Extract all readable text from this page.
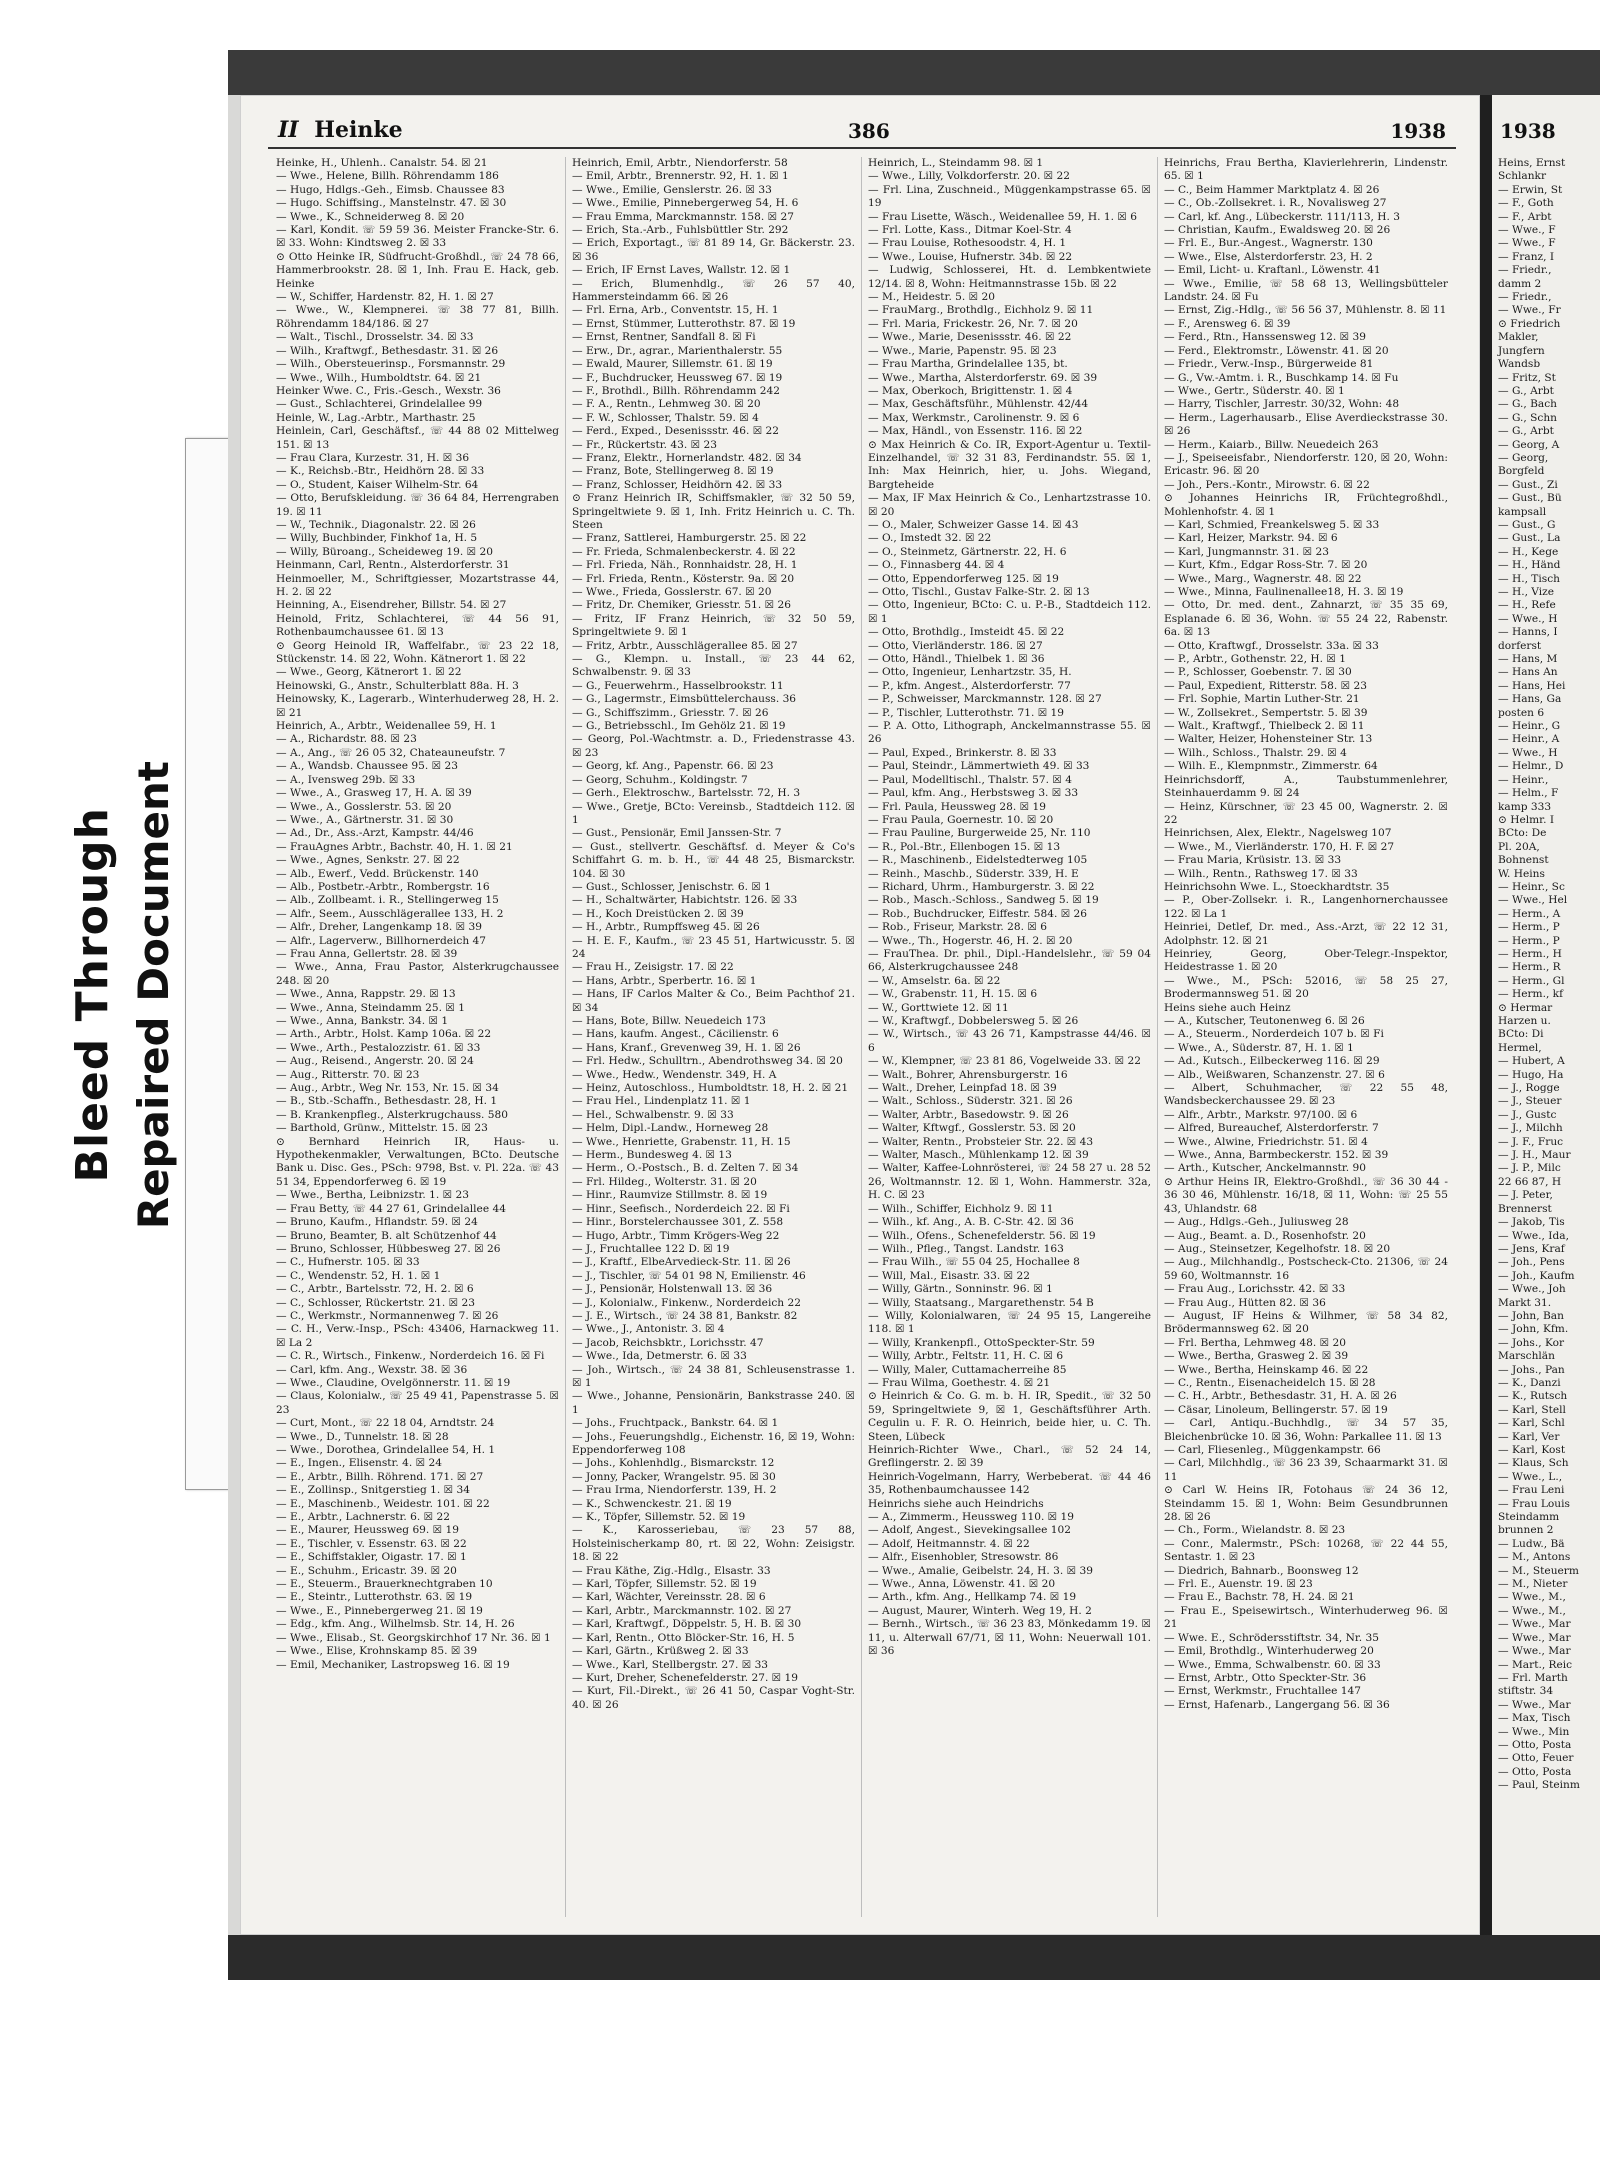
Bleed Through Repaired Document
II Heinke	386	1938

Heinke, H., Uhlenh.. Canalstr. 54. ☒ 21

— Wwe., Helene, Billh. Röhrendamm 186

— Hugo, Hdlgs.-Geh., Eimsb. Chaussee 83

— Hugo. Schiffsing., Manstelnstr. 47. ☒ 30

— Wwe., K., Schneiderweg 8. ☒ 20

— Karl, Kondit. ☏ 59 59 36. Meister Francke-Str. 6. ☒ 33. Wohn: Kindtsweg 2. ☒ 33

⊙ Otto Heinke IR, Südfrucht-Großhdl., ☏ 24 78 66, Hammerbrookstr. 28. ☒ 1, Inh. Frau E. Hack, geb. Heinke

— W., Schiffer, Hardenstr. 82, H. 1. ☒ 27

— Wwe., W., Klempnerei. ☏ 38 77 81, Billh. Röhrendamm 184/186. ☒ 27

— Walt., Tischl., Drosselstr. 34. ☒ 33

— Wilh., Kraftwgf., Bethesdastr. 31. ☒ 26

— Wilh., Obersteuerinsp., Forsmannstr. 29

— Wwe., Wilh., Humboldtstr. 64. ☒ 21

Heinker Wwe. C., Fris.-Gesch., Wexstr. 36

— Gust., Schlachterei, Grindelallee 99

Heinle, W., Lag.-Arbtr., Marthastr. 25

Heinlein, Carl, Geschäftsf., ☏ 44 88 02 Mittelweg 151. ☒ 13

— Frau Clara, Kurzestr. 31, H. ☒ 36

— K., Reichsb.-Btr., Heidhörn 28. ☒ 33

— O., Student, Kaiser Wilhelm-Str. 64

— Otto, Berufskleidung. ☏ 36 64 84, Herrengraben 19. ☒ 11

— W., Technik., Diagonalstr. 22. ☒ 26

— Willy, Buchbinder, Finkhof 1a, H. 5

— Willy, Büroang., Scheideweg 19. ☒ 20

Heinmann, Carl, Rentn., Alsterdorferstr. 31

Heinmoeller, M., Schriftgiesser, Mozartstrasse 44, H. 2. ☒ 22

Heinning, A., Eisendreher, Billstr. 54. ☒ 27

Heinold, Fritz, Schlachterei, ☏ 44 56 91, Rothenbaumchaussee 61. ☒ 13

⊙ Georg Heinold IR, Waffelfabr., ☏ 23 22 18, Stückenstr. 14. ☒ 22, Wohn. Kätnerort 1. ☒ 22

— Wwe., Georg, Kätnerort 1. ☒ 22

Heinowski, G., Anstr., Schulterblatt 88a. H. 3

Heinowsky, K., Lagerarb., Winterhuderweg 28, H. 2. ☒ 21

Heinrich, A., Arbtr., Weidenallee 59, H. 1

— A., Richardstr. 88. ☒ 23

— A., Ang., ☏ 26 05 32, Chateauneufstr. 7

— A., Wandsb. Chaussee 95. ☒ 23

— A., Ivensweg 29b. ☒ 33

— Wwe., A., Grasweg 17, H. A. ☒ 39

— Wwe., A., Gosslerstr. 53. ☒ 20

— Wwe., A., Gärtnerstr. 31. ☒ 30

— Ad., Dr., Ass.-Arzt, Kampstr. 44/46

— FrauAgnes Arbtr., Bachstr. 40, H. 1. ☒ 21

— Wwe., Agnes, Senkstr. 27. ☒ 22

— Alb., Ewerf., Vedd. Brückenstr. 140

— Alb., Postbetr.-Arbtr., Rombergstr. 16

— Alb., Zollbeamt. i. R., Stellingerweg 15

— Alfr., Seem., Ausschlägerallee 133, H. 2

— Alfr., Dreher, Langenkamp 18. ☒ 39

— Alfr., Lagerverw., Billhornerdeich 47

— Frau Anna, Gellertstr. 28. ☒ 39

— Wwe., Anna, Frau Pastor, Alsterkrugchaussee 248. ☒ 20

— Wwe., Anna, Rappstr. 29. ☒ 13

— Wwe., Anna, Steindamm 25. ☒ 1

— Wwe., Anna, Bankstr. 34. ☒ 1

— Arth., Arbtr., Holst. Kamp 106a. ☒ 22

— Wwe., Arth., Pestalozzistr. 61. ☒ 33

— Aug., Reisend., Angerstr. 20. ☒ 24

— Aug., Ritterstr. 70. ☒ 23

— Aug., Arbtr., Weg Nr. 153, Nr. 15. ☒ 34

— B., Stb.-Schaffn., Bethesdastr. 28, H. 1

— B. Krankenpfleg., Alsterkrugchauss. 580

— Barthold, Grünw., Mittelstr. 15. ☒ 23

⊙ Bernhard Heinrich IR, Haus- u. Hypothekenmakler, Verwaltungen, BCto. Deutsche Bank u. Disc. Ges., PSch: 9798, Bst. v. Pl. 22a. ☏ 43 51 34, Eppendorferweg 6. ☒ 19

— Wwe., Bertha, Leibnizstr. 1. ☒ 23

— Frau Betty, ☏ 44 27 61, Grindelallee 44

— Bruno, Kaufm., Hflandstr. 59. ☒ 24

— Bruno, Beamter, B. alt Schützenhof 44

— Bruno, Schlosser, Hübbesweg 27. ☒ 26

— C., Hufnerstr. 105. ☒ 33

— C., Wendenstr. 52, H. 1. ☒ 1

— C., Arbtr., Bartelsstr. 72, H. 2. ☒ 6

— C., Schlosser, Rückertstr. 21. ☒ 23

— C., Werkmstr., Normannenweg 7. ☒ 26

— C. H., Verw.-Insp., PSch: 43406, Harnackweg 11. ☒ La 2

— C. R., Wirtsch., Finkenw., Norderdeich 16. ☒ Fi

— Carl, kfm. Ang., Wexstr. 38. ☒ 36

— Wwe., Claudine, Ovelgönnerstr. 11. ☒ 19

— Claus, Kolonialw., ☏ 25 49 41, Papenstrasse 5. ☒ 23

— Curt, Mont., ☏ 22 18 04, Arndtstr. 24

— Wwe., D., Tunnelstr. 18. ☒ 28

— Wwe., Dorothea, Grindelallee 54, H. 1

— E., Ingen., Elisenstr. 4. ☒ 24

— E., Arbtr., Billh. Röhrend. 171. ☒ 27

— E., Zollinsp., Snitgerstieg 1. ☒ 34

— E., Maschinenb., Weidestr. 101. ☒ 22

— E., Arbtr., Lachnerstr. 6. ☒ 22

— E., Maurer, Heussweg 69. ☒ 19

— E., Tischler, v. Essenstr. 63. ☒ 22

— E., Schiffstakler, Oigastr. 17. ☒ 1

— E., Schuhm., Ericastr. 39. ☒ 20

— E., Steuerm., Brauerknechtgraben 10

— E., Steintr., Lutterothstr. 63. ☒ 19

— Wwe., E., Pinnebergerweg 21. ☒ 19

— Edg., kfm. Ang., Wilhelmsb. Str. 14, H. 26

— Wwe., Elisab., St. Georgskirchhof 17 Nr. 36. ☒ 1

— Wwe., Elise, Krohnskamp 85. ☒ 39

— Emil, Mechaniker, Lastropsweg 16. ☒ 19

Heinrich, Emil, Arbtr., Niendorferstr. 58

— Emil, Arbtr., Brennerstr. 92, H. 1. ☒ 1

— Wwe., Emilie, Genslerstr. 26. ☒ 33

— Wwe., Emilie, Pinnebergerweg 54, H. 6

— Frau Emma, Marckmannstr. 158. ☒ 27

— Erich, Sta.-Arb., Fuhlsbüttler Str. 292

— Erich, Exportagt., ☏ 81 89 14, Gr. Bäckerstr. 23. ☒ 36

— Erich, IF Ernst Laves, Wallstr. 12. ☒ 1

— Erich, Blumenhdlg., ☏ 26 57 40, Hammersteindamm 66. ☒ 26

— Frl. Erna, Arb., Conventstr. 15, H. 1

— Ernst, Stümmer, Lutterothstr. 87. ☒ 19

— Ernst, Rentner, Sandfall 8. ☒ Fi

— Erw., Dr., agrar., Marienthalerstr. 55

— Ewald, Maurer, Sillemstr. 61. ☒ 19

— F., Buchdrucker, Heussweg 67. ☒ 19

— F., Brothdl., Billh. Röhrendamm 242

— F. A., Rentn., Lehmweg 30. ☒ 20

— F. W., Schlosser, Thalstr. 59. ☒ 4

— Ferd., Exped., Desenissstr. 46. ☒ 22

— Fr., Rückertstr. 43. ☒ 23

— Franz, Elektr., Hornerlandstr. 482. ☒ 34

— Franz, Bote, Stellingerweg 8. ☒ 19

— Franz, Schlosser, Heidhörn 42. ☒ 33

⊙ Franz Heinrich IR, Schiffsmakler, ☏ 32 50 59, Springeltwiete 9. ☒ 1, Inh. Fritz Heinrich u. C. Th. Steen

— Franz, Sattlerei, Hamburgerstr. 25. ☒ 22

— Fr. Frieda, Schmalenbeckerstr. 4. ☒ 22

— Frl. Frieda, Näh., Ronnhaidstr. 28, H. 1

— Frl. Frieda, Rentn., Kösterstr. 9a. ☒ 20

— Wwe., Frieda, Gosslerstr. 67. ☒ 20

— Fritz, Dr. Chemiker, Griesstr. 51. ☒ 26

— Fritz, IF Franz Heinrich, ☏ 32 50 59, Springeltwiete 9. ☒ 1

— Fritz, Arbtr., Ausschlägerallee 85. ☒ 27

— G., Klempn. u. Install., ☏ 23 44 62, Schwalbenstr. 9. ☒ 33

— G., Feuerwehrm., Hasselbrookstr. 11

— G., Lagermstr., Eimsbüttelerchauss. 36

— G., Schiffszimm., Griesstr. 7. ☒ 26

— G., Betriebsschl., Im Gehölz 21. ☒ 19

— Georg, Pol.-Wachtmstr. a. D., Friedenstrasse 43. ☒ 23

— Georg, kf. Ang., Papenstr. 66. ☒ 23

— Georg, Schuhm., Koldingstr. 7

— Gerh., Elektroschw., Bartelsstr. 72, H. 3

— Wwe., Gretje, BCto: Vereinsb., Stadtdeich 112. ☒ 1

— Gust., Pensionär, Emil Janssen-Str. 7

— Gust., stellvertr. Geschäftsf. d. Meyer & Co's Schiffahrt G. m. b. H., ☏ 44 48 25, Bismarckstr. 104. ☒ 30

— Gust., Schlosser, Jenischstr. 6. ☒ 1

— H., Schaltwärter, Habichtstr. 126. ☒ 33

— H., Koch Dreistücken 2. ☒ 39

— H., Arbtr., Rumpffsweg 45. ☒ 26

— H. E. F., Kaufm., ☏ 23 45 51, Hartwicusstr. 5. ☒ 24

— Frau H., Zeisigstr. 17. ☒ 22

— Hans, Arbtr., Sperbertr. 16. ☒ 1

— Hans, IF Carlos Malter & Co., Beim Pachthof 21. ☒ 34

— Hans, Bote, Billw. Neuedeich 173

— Hans, kaufm. Angest., Cäcilienstr. 6

— Hans, Kranf., Grevenweg 39, H. 1. ☒ 26

— Frl. Hedw., Schulltrn., Abendrothsweg 34. ☒ 20

— Wwe., Hedw., Wendenstr. 349, H. A

— Heinz, Autoschloss., Humboldtstr. 18, H. 2. ☒ 21

— Frau Hel., Lindenplatz 11. ☒ 1

— Hel., Schwalbenstr. 9. ☒ 33

— Helm, Dipl.-Landw., Horneweg 28

— Wwe., Henriette, Grabenstr. 11, H. 15

— Herm., Bundesweg 4. ☒ 13

— Herm., O.-Postsch., B. d. Zelten 7. ☒ 34

— Frl. Hildeg., Wolterstr. 31. ☒ 20

— Hinr., Raumvize Stillmstr. 8. ☒ 19

— Hinr., Seefisch., Norderdeich 22. ☒ Fi

— Hinr., Borstelerchaussee 301, Z. 558

— Hugo, Arbtr., Timm Krögers-Weg 22

— J., Fruchtallee 122 D. ☒ 19

— J., Kraftf., ElbeArvedieck-Str. 11. ☒ 26

— J., Tischler, ☏ 54 01 98 N, Emilienstr. 46

— J., Pensionär, Holstenwall 13. ☒ 36

— J., Kolonialw., Finkenw., Norderdeich 22

— J. E., Wirtsch., ☏ 24 38 81, Bankstr. 82

— Wwe., J., Antonistr. 3. ☒ 4

— Jacob, Reichsbktr., Lorichsstr. 47

— Wwe., Ida, Detmerstr. 6. ☒ 33

— Joh., Wirtsch., ☏ 24 38 81, Schleusenstrasse 1. ☒ 1

— Wwe., Johanne, Pensionärin, Bankstrasse 240. ☒ 1

— Johs., Fruchtpack., Bankstr. 64. ☒ 1

— Johs., Feuerungshdlg., Eichenstr. 16, ☒ 19, Wohn: Eppendorferweg 108

— Johs., Kohlenhdlg., Bismarckstr. 12

— Jonny, Packer, Wrangelstr. 95. ☒ 30

— Frau Irma, Niendorferstr. 139, H. 2

— K., Schwenckestr. 21. ☒ 19

— K., Töpfer, Sillemstr. 52. ☒ 19

— K., Karosseriebau, ☏ 23 57 88, Holsteinischerkamp 80, rt. ☒ 22, Wohn: Zeisigstr. 18. ☒ 22

— Frau Käthe, Zig.-Hdlg., Elsastr. 33

— Karl, Töpfer, Sillemstr. 52. ☒ 19

— Karl, Wächter, Vereinsstr. 28. ☒ 6

— Karl, Arbtr., Marckmannstr. 102. ☒ 27

— Karl, Kraftwgf., Döppelstr. 5, H. B. ☒ 30

— Karl, Rentn., Otto Blöcker-Str. 16, H. 5

— Karl, Gärtn., Krüßweg 2. ☒ 33

— Wwe., Karl, Stellbergstr. 27. ☒ 33

— Kurt, Dreher, Schenefelderstr. 27. ☒ 19

— Kurt, Fil.-Direkt., ☏ 26 41 50, Caspar Voght-Str. 40. ☒ 26

Heinrich, L., Steindamm 98. ☒ 1

— Wwe., Lilly, Volkdorferstr. 20. ☒ 22

— Frl. Lina, Zuschneid., Müggenkampstrasse 65. ☒ 19

— Frau Lisette, Wäsch., Weidenallee 59, H. 1. ☒ 6

— Frl. Lotte, Kass., Ditmar Koel-Str. 4

— Frau Louise, Rothesoodstr. 4, H. 1

— Wwe., Louise, Hufnerstr. 34b. ☒ 22

— Ludwig, Schlosserei, Ht. d. Lembkentwiete 12/14. ☒ 8, Wohn: Heitmannstrasse 15b. ☒ 22

— M., Heidestr. 5. ☒ 20

— FrauMarg., Brothdlg., Eichholz 9. ☒ 11

— Frl. Maria, Frickestr. 26, Nr. 7. ☒ 20

— Wwe., Marie, Desenissstr. 46. ☒ 22

— Wwe., Marie, Papenstr. 95. ☒ 23

— Frau Martha, Grindelallee 135, bt.

— Wwe., Martha, Alsterdorferstr. 69. ☒ 39

— Max, Oberkoch, Brigittenstr. 1. ☒ 4

— Max, Geschäftsführ., Mühlenstr. 42/44

— Max, Werkmstr., Carolinenstr. 9. ☒ 6

— Max, Händl., von Essenstr. 116. ☒ 22

⊙ Max Heinrich & Co. IR, Export-Agentur u. Textil-Einzelhandel, ☏ 32 31 83, Ferdinandstr. 55. ☒ 1, Inh: Max Heinrich, hier, u. Johs. Wiegand, Bargteheide

— Max, IF Max Heinrich & Co., Lenhartzstrasse 10. ☒ 20

— O., Maler, Schweizer Gasse 14. ☒ 43

— O., Imstedt 32. ☒ 22

— O., Steinmetz, Gärtnerstr. 22, H. 6

— O., Finnasberg 44. ☒ 4

— Otto, Eppendorferweg 125. ☒ 19

— Otto, Tischl., Gustav Falke-Str. 2. ☒ 13

— Otto, Ingenieur, BCto: C. u. P.-B., Stadtdeich 112. ☒ 1

— Otto, Brothdlg., Imsteidt 45. ☒ 22

— Otto, Vierländerstr. 186. ☒ 27

— Otto, Händl., Thielbek 1. ☒ 36

— Otto, Ingenieur, Lenhartzstr. 35, H.

— P., kfm. Angest., Alsterdorferstr. 77

— P., Schweisser, Marckmannstr. 128. ☒ 27

— P., Tischler, Lutterothstr. 71. ☒ 19

— P. A. Otto, Lithograph, Anckelmannstrasse 55. ☒ 26

— Paul, Exped., Brinkerstr. 8. ☒ 33

— Paul, Steindr., Lämmertwieth 49. ☒ 33

— Paul, Modelltischl., Thalstr. 57. ☒ 4

— Paul, kfm. Ang., Herbstsweg 3. ☒ 33

— Frl. Paula, Heussweg 28. ☒ 19

— Frau Paula, Goernestr. 10. ☒ 20

— Frau Pauline, Burgerweide 25, Nr. 110

— R., Pol.-Btr., Ellenbogen 15. ☒ 13

— R., Maschinenb., Eidelstedterweg 105

— Reinh., Maschb., Süderstr. 339, H. E

— Richard, Uhrm., Hamburgerstr. 3. ☒ 22

— Rob., Masch.-Schloss., Sandweg 5. ☒ 19

— Rob., Buchdrucker, Eiffestr. 584. ☒ 26

— Rob., Friseur, Markstr. 28. ☒ 6

— Wwe., Th., Hogerstr. 46, H. 2. ☒ 20

— FrauThea. Dr. phil., Dipl.-Handelslehr., ☏ 59 04 66, Alsterkrugchaussee 248

— W., Amselstr. 6a. ☒ 22

— W., Grabenstr. 11, H. 15. ☒ 6

— W., Gorttwiete 12. ☒ 11

— W., Kraftwgf., Dobbelersweg 5. ☒ 26

— W., Wirtsch., ☏ 43 26 71, Kampstrasse 44/46. ☒ 6

— W., Klempner, ☏ 23 81 86, Vogelweide 33. ☒ 22

— Walt., Bohrer, Ahrensburgerstr. 16

— Walt., Dreher, Leinpfad 18. ☒ 39

— Walt., Schloss., Süderstr. 321. ☒ 26

— Walter, Arbtr., Basedowstr. 9. ☒ 26

— Walter, Kftwgf., Gosslerstr. 53. ☒ 20

— Walter, Rentn., Probsteier Str. 22. ☒ 43

— Walter, Masch., Mühlenkamp 12. ☒ 39

— Walter, Kaffee-Lohnrösterei, ☏ 24 58 27 u. 28 52 26, Woltmannstr. 12. ☒ 1, Wohn. Hammerstr. 32a, H. C. ☒ 23

— Wilh., Schiffer, Eichholz 9. ☒ 11

— Wilh., kf. Ang., A. B. C-Str. 42. ☒ 36

— Wilh., Ofens., Schenefelderstr. 56. ☒ 19

— Wilh., Pfleg., Tangst. Landstr. 163

— Frau Wilh., ☏ 55 04 25, Hochallee 8

— Will, Mal., Eisastr. 33. ☒ 22

— Willy, Gärtn., Sonninstr. 96. ☒ 1

— Willy, Staatsang., Margarethenstr. 54 B

— Willy, Kolonialwaren, ☏ 24 95 15, Langereihe 118. ☒ 1

— Willy, Krankenpfl., OttoSpeckter-Str. 59

— Willy, Arbtr., Feltstr. 11, H. C. ☒ 6

— Willy, Maler, Cuttamacherreihe 85

— Frau Wilma, Goethestr. 4. ☒ 21

⊙ Heinrich & Co. G. m. b. H. IR, Spedit., ☏ 32 50 59, Springeltwiete 9, ☒ 1, Geschäftsführer Arth. Cegulin u. F. R. O. Heinrich, beide hier, u. C. Th. Steen, Lübeck

Heinrich-Richter Wwe., Charl., ☏ 52 24 14, Greflingerstr. 2. ☒ 39

Heinrich-Vogelmann, Harry, Werbeberat. ☏ 44 46 35, Rothenbaumchaussee 142

Heinrichs siehe auch Heindrichs

— A., Zimmerm., Heussweg 110. ☒ 19

— Adolf, Angest., Sievekingsallee 102

— Adolf, Heitmannstr. 4. ☒ 22

— Alfr., Eisenhobler, Stresowstr. 86

— Wwe., Amalie, Geibelstr. 24, H. 3. ☒ 39

— Wwe., Anna, Löwenstr. 41. ☒ 20

— Arth., kfm. Ang., Hellkamp 74. ☒ 19

— August, Maurer, Winterh. Weg 19, H. 2

— Bernh., Wirtsch., ☏ 36 23 83, Mönkedamm 19. ☒ 11, u. Alterwall 67/71, ☒ 11, Wohn: Neuerwall 101. ☒ 36

Heinrichs, Frau Bertha, Klavierlehrerin, Lindenstr. 65. ☒ 1

— C., Beim Hammer Marktplatz 4. ☒ 26

— C., Ob.-Zollsekret. i. R., Novalisweg 27

— Carl, kf. Ang., Lübeckerstr. 111/113, H. 3

— Christian, Kaufm., Ewaldsweg 20. ☒ 26

— Frl. E., Bur.-Angest., Wagnerstr. 130

— Wwe., Else, Alsterdorferstr. 23, H. 2

— Emil, Licht- u. Kraftanl., Löwenstr. 41

— Wwe., Emilie, ☏ 58 68 13, Wellingsbütteler Landstr. 24. ☒ Fu

— Ernst, Zig.-Hdlg., ☏ 56 56 37, Mühlenstr. 8. ☒ 11

— F., Arensweg 6. ☒ 39

— Ferd., Rtn., Hanssensweg 12. ☒ 39

— Ferd., Elektromstr., Löwenstr. 41. ☒ 20

— Friedr., Verw.-Insp., Bürgerweide 81

— G., Vw.-Amtm. i. R., Buschkamp 14. ☒ Fu

— Wwe., Gertr., Süderstr. 40. ☒ 1

— Harry, Tischler, Jarrestr. 30/32, Wohn: 48

— Herm., Lagerhausarb., Elise Averdieckstrasse 30. ☒ 26

— Herm., Kaiarb., Billw. Neuedeich 263

— J., Speiseeisfabr., Niendorferstr. 120, ☒ 20, Wohn: Ericastr. 96. ☒ 20

— Joh., Pers.-Kontr., Mirowstr. 6. ☒ 22

⊙ Johannes Heinrichs IR, Früchtegroßhdl., Mohlenhofstr. 4. ☒ 1

— Karl, Schmied, Freankelsweg 5. ☒ 33

— Karl, Heizer, Markstr. 94. ☒ 6

— Karl, Jungmannstr. 31. ☒ 23

— Kurt, Kfm., Edgar Ross-Str. 7. ☒ 20

— Wwe., Marg., Wagnerstr. 48. ☒ 22

— Wwe., Minna, Faulinenallee18, H. 3. ☒ 19

— Otto, Dr. med. dent., Zahnarzt, ☏ 35 35 69, Esplanade 6. ☒ 36, Wohn. ☏ 55 24 22, Rabenstr. 6a. ☒ 13

— Otto, Kraftwgf., Drosselstr. 33a. ☒ 33

— P., Arbtr., Gothenstr. 22, H. ☒ 1

— P., Schlosser, Goebenstr. 7. ☒ 30

— Paul, Expedient, Ritterstr. 58. ☒ 23

— Frl. Sophie, Martin Luther-Str. 21

— W., Zollsekret., Sempertstr. 5. ☒ 39

— Walt., Kraftwgf., Thielbeck 2. ☒ 11

— Walter, Heizer, Hohensteiner Str. 13

— Wilh., Schloss., Thalstr. 29. ☒ 4

— Wilh. E., Klempnmstr., Zimmerstr. 64

Heinrichsdorff, A., Taubstummenlehrer, Steinhauerdamm 9. ☒ 24

— Heinz, Kürschner, ☏ 23 45 00, Wagnerstr. 2. ☒ 22

Heinrichsen, Alex, Elektr., Nagelsweg 107

— Wwe., M., Vierländerstr. 170, H. F. ☒ 27

— Frau Maria, Krüsistr. 13. ☒ 33

— Wilh., Rentn., Rathsweg 17. ☒ 33

Heinrichsohn Wwe. L., Stoeckhardtstr. 35

— P., Ober-Zollsekr. i. R., Langenhornerchaussee 122. ☒ La 1

Heinriei, Detlef, Dr. med., Ass.-Arzt, ☏ 22 12 31, Adolphstr. 12. ☒ 21

Heinriey, Georg, Ober-Telegr.-Inspektor, Heidestrasse 1. ☒ 20

— Wwe., M., PSch: 52016, ☏ 58 25 27, Brodermannsweg 51. ☒ 20

Heins siehe auch Heinz

— A., Kutscher, Teutonenweg 6. ☒ 26

— A., Steuerm., Norderdeich 107 b. ☒ Fi

— Wwe., A., Süderstr. 87, H. 1. ☒ 1

— Ad., Kutsch., Eilbeckerweg 116. ☒ 29

— Alb., Weißwaren, Schanzenstr. 27. ☒ 6

— Albert, Schuhmacher, ☏ 22 55 48, Wandsbeckerchaussee 29. ☒ 23

— Alfr., Arbtr., Markstr. 97/100. ☒ 6

— Alfred, Bureauchef, Alsterdorferstr. 7

— Wwe., Alwine, Friedrichstr. 51. ☒ 4

— Wwe., Anna, Barmbeckerstr. 152. ☒ 39

— Arth., Kutscher, Anckelmannstr. 90

⊙ Arthur Heins IR, Elektro-Großhdl., ☏ 36 30 44 - 36 30 46, Mühlenstr. 16/18, ☒ 11, Wohn: ☏ 25 55 43, Uhlandstr. 68

— Aug., Hdlgs.-Geh., Juliusweg 28

— Aug., Beamt. a. D., Rosenhofstr. 20

— Aug., Steinsetzer, Kegelhofstr. 18. ☒ 20

— Aug., Milchhandlg., Postscheck-Cto. 21306, ☏ 24 59 60, Woltmannstr. 16

— Frau Aug., Lorichsstr. 42. ☒ 33

— Frau Aug., Hütten 82. ☒ 36

— August, IF Heins & Wilhmer, ☏ 58 34 82, Brödermannsweg 62. ☒ 20

— Frl. Bertha, Lehmweg 48. ☒ 20

— Wwe., Bertha, Grasweg 2. ☒ 39

— Wwe., Bertha, Heinskamp 46. ☒ 22

— C., Rentn., Eisenacheidelch 15. ☒ 28

— C. H., Arbtr., Bethesdastr. 31, H. A. ☒ 26

— Cäsar, Linoleum, Bellingerstr. 57. ☒ 19

— Carl, Antiqu.-Buchhdlg., ☏ 34 57 35, Bleichenbrücke 10. ☒ 36, Wohn: Parkallee 11. ☒ 13

— Carl, Fliesenleg., Müggenkampstr. 66

— Carl, Milchhdlg., ☏ 36 23 39, Schaarmarkt 31. ☒ 11

⊙ Carl W. Heins IR, Fotohaus ☏ 24 36 12, Steindamm 15. ☒ 1, Wohn: Beim Gesundbrunnen 28. ☒ 26

— Ch., Form., Wielandstr. 8. ☒ 23

— Conr., Malermstr., PSch: 10268, ☏ 22 44 55, Sentastr. 1. ☒ 23

— Diedrich, Bahnarb., Boonsweg 12

— Frl. E., Auenstr. 19. ☒ 23

— Frau E., Bachstr. 78, H. 24. ☒ 21

— Frau E., Speisewirtsch., Winterhuderweg 96. ☒ 21

— Wwe. E., Schrödersstiftstr. 34, Nr. 35

— Emil, Brothdlg., Winterhuderweg 20

— Wwe., Emma, Schwalbenstr. 60. ☒ 33

— Ernst, Arbtr., Otto Speckter-Str. 36

— Ernst, Werkmstr., Fruchtallee 147

— Ernst, Hafenarb., Langergang 56. ☒ 36

1938
Heins, Ernst
Schlankr
— Erwin, St
— F., Goth
— F., Arbt
— Wwe., F
— Wwe., F
— Franz, I
— Friedr.,
damm 2
— Friedr.,
— Wwe., Fr
⊙ Friedrich
Makler,
Jungfern
Wandsb
— Fritz, St
— G., Arbt
— G., Bach
— G., Schn
— G., Arbt
— Georg, A
— Georg,
Borgfeld
— Gust., Zi
— Gust., Bü
kampsall
— Gust., G
— Gust., La
— H., Kege
— H., Händ
— H., Tisch
— H., Vize
— H., Refe
— Wwe., H
— Hanns, I
dorferst
— Hans, M
— Hans An
— Hans, Hei
— Hans, Ga
posten 6
— Heinr., G
— Heinr., A
— Wwe., H
— Helmr., D
— Heinr.,
— Helm., F
kamp 333
⊙ Helmr. I
BCto: De
Pl. 20A,
Bohnenst
W. Heins
— Heinr., Sc
— Wwe., Hel
— Herm., A
— Herm., P
— Herm., P
— Herm., H
— Herm., R
— Herm., Gl
— Herm., kf
⊙ Hermar
Harzen u.
BCto: Di
Hermel,
— Hubert, A
— Hugo, Ha
— J., Rogge
— J., Steuer
— J., Gustc
— J., Milchh
— J. F., Fruc
— J. H., Maur
— J. P., Milc
22 66 87, H
— J. Peter,
Brennerst
— Jakob, Tis
— Wwe., Ida,
— Jens, Kraf
— Joh., Pens
— Joh., Kaufm
— Wwe., Joh
Markt 31.
— John, Ban
— John, Kfm.
— Johs., Kor
Marschlän
— Johs., Pan
— K., Danzi
— K., Rutsch
— Karl, Stell
— Karl, Schl
— Karl, Ver
— Karl, Kost
— Klaus, Sch
— Wwe., L.,
— Frau Leni
— Frau Louis
Steindamm
brunnen 2
— Ludw., Bä
— M., Antons
— M., Steuerm
— M., Nieter
— Wwe., M.,
— Wwe., M.,
— Wwe., Mar
— Wwe., Mar
— Wwe., Mar
— Mart., Reic
— Frl. Marth
stiftstr. 34
— Wwe., Mar
— Max, Tisch
— Wwe., Min
— Otto, Posta
— Otto, Feuer
— Otto, Posta
— Paul, Steinm
